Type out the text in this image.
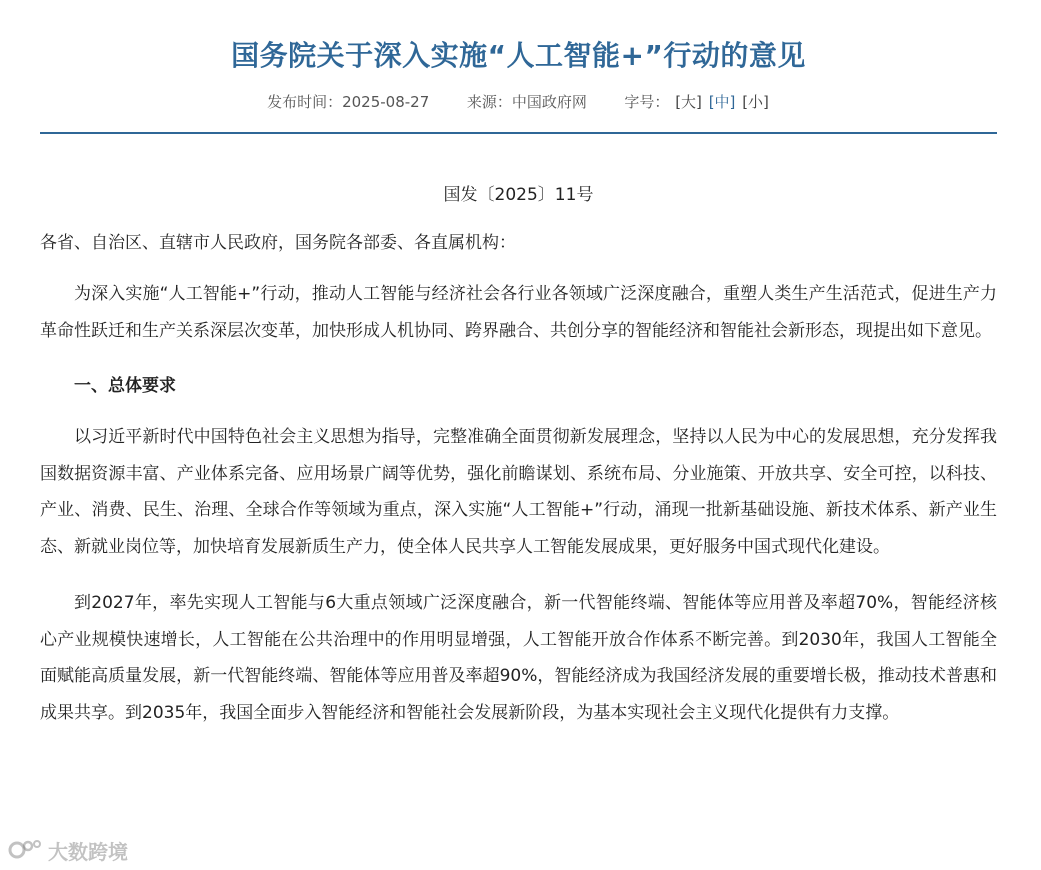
国务院关于深入实施“人工智能+”行动的意见
发布时间：2025-08-27	来源：中国政府网	字号： [大] [中] [小]
国发〔2025〕11号
各省、自治区、直辖市人民政府，国务院各部委、各直属机构：
为深入实施“人工智能+”行动，推动人工智能与经济社会各行业各领域广泛深度融合，重塑人类生产生活范式，促进生产力革命性跃迁和生产关系深层次变革，加快形成人机协同、跨界融合、共创分享的智能经济和智能社会新形态，现提出如下意见。
一、总体要求
以习近平新时代中国特色社会主义思想为指导，完整准确全面贯彻新发展理念，坚持以人民为中心的发展思想，充分发挥我国数据资源丰富、产业体系完备、应用场景广阔等优势，强化前瞻谋划、系统布局、分业施策、开放共享、安全可控，以科技、产业、消费、民生、治理、全球合作等领域为重点，深入实施“人工智能+”行动，涌现一批新基础设施、新技术体系、新产业生态、新就业岗位等，加快培育发展新质生产力，使全体人民共享人工智能发展成果，更好服务中国式现代化建设。
到2027年，率先实现人工智能与6大重点领域广泛深度融合，新一代智能终端、智能体等应用普及率超70%，智能经济核心产业规模快速增长，人工智能在公共治理中的作用明显增强，人工智能开放合作体系不断完善。到2030年，我国人工智能全面赋能高质量发展，新一代智能终端、智能体等应用普及率超90%，智能经济成为我国经济发展的重要增长极，推动技术普惠和成果共享。到2035年，我国全面步入智能经济和智能社会发展新阶段，为基本实现社会主义现代化提供有力支撑。
大数跨境
